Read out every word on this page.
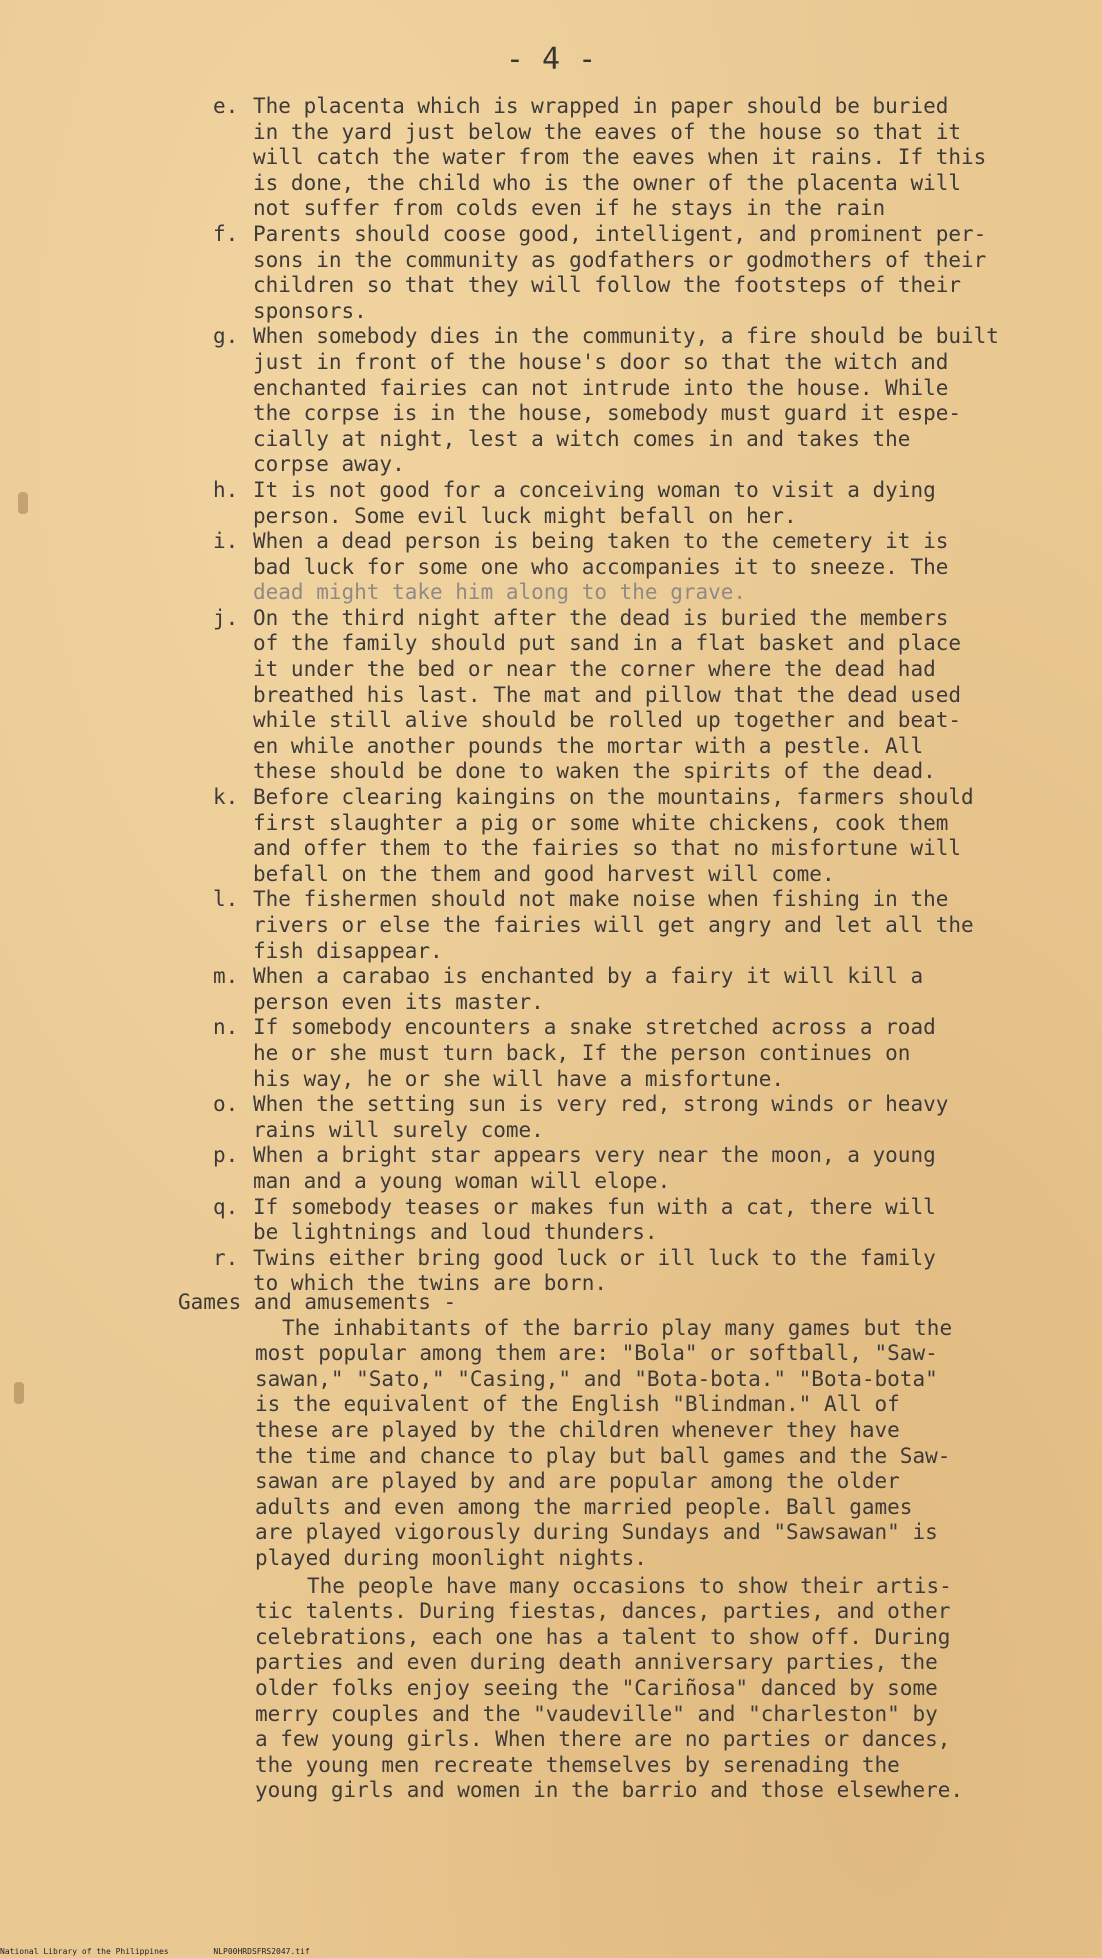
- 4 -
e. The placenta which is wrapped in paper should be buried
in the yard just below the eaves of the house so that it
will catch the water from the eaves when it rains. If this
is done, the child who is the owner of the placenta will
not suffer from colds even if he stays in the rain
f. Parents should coose good, intelligent, and prominent per-
sons in the community as godfathers or godmothers of their
children so that they will follow the footsteps of their
sponsors.
g. When somebody dies in the community, a fire should be built
just in front of the house's door so that the witch and
enchanted fairies can not intrude into the house. While
the corpse is in the house, somebody must guard it espe-
cially at night, lest a witch comes in and takes the
corpse away.
h. It is not good for a conceiving woman to visit a dying
person. Some evil luck might befall on her.
i. When a dead person is being taken to the cemetery it is
bad luck for some one who accompanies it to sneeze. The
dead might take him along to the grave.
j. On the third night after the dead is buried the members
of the family should put sand in a flat basket and place
it under the bed or near the corner where the dead had
breathed his last. The mat and pillow that the dead used
while still alive should be rolled up together and beat-
en while another pounds the mortar with a pestle. All
these should be done to waken the spirits of the dead.
k. Before clearing kaingins on the mountains, farmers should
first slaughter a pig or some white chickens, cook them
and offer them to the fairies so that no misfortune will
befall on the them and good harvest will come.
l. The fishermen should not make noise when fishing in the
rivers or else the fairies will get angry and let all the
fish disappear.
m. When a carabao is enchanted by a fairy it will kill a
person even its master.
n. If somebody encounters a snake stretched across a road
he or she must turn back, If the person continues on
his way, he or she will have a misfortune.
o. When the setting sun is very red, strong winds or heavy
rains will surely come.
p. When a bright star appears very near the moon, a young
man and a young woman will elope.
q. If somebody teases or makes fun with a cat, there will
be lightnings and loud thunders.
r. Twins either bring good luck or ill luck to the family
to which the twins are born.
Games and amusements -
The inhabitants of the barrio play many games but the
most popular among them are: "Bola" or softball, "Saw-
sawan," "Sato," "Casing," and "Bota-bota." "Bota-bota"
is the equivalent of the English "Blindman." All of
these are played by the children whenever they have
the time and chance to play but ball games and the Saw-
sawan are played by and are popular among the older
adults and even among the married people. Ball games
are played vigorously during Sundays and "Sawsawan" is
played during moonlight nights.
The people have many occasions to show their artis-
tic talents. During fiestas, dances, parties, and other
celebrations, each one has a talent to show off. During
parties and even during death anniversary parties, the
older folks enjoy seeing the "Cariñosa" danced by some
merry couples and the "vaudeville" and "charleston" by
a few young girls. When there are no parties or dances,
the young men recreate themselves by serenading the
young girls and women in the barrio and those elsewhere.
National Library of the Philippines	NLP00HRDSFRS2047.tif
